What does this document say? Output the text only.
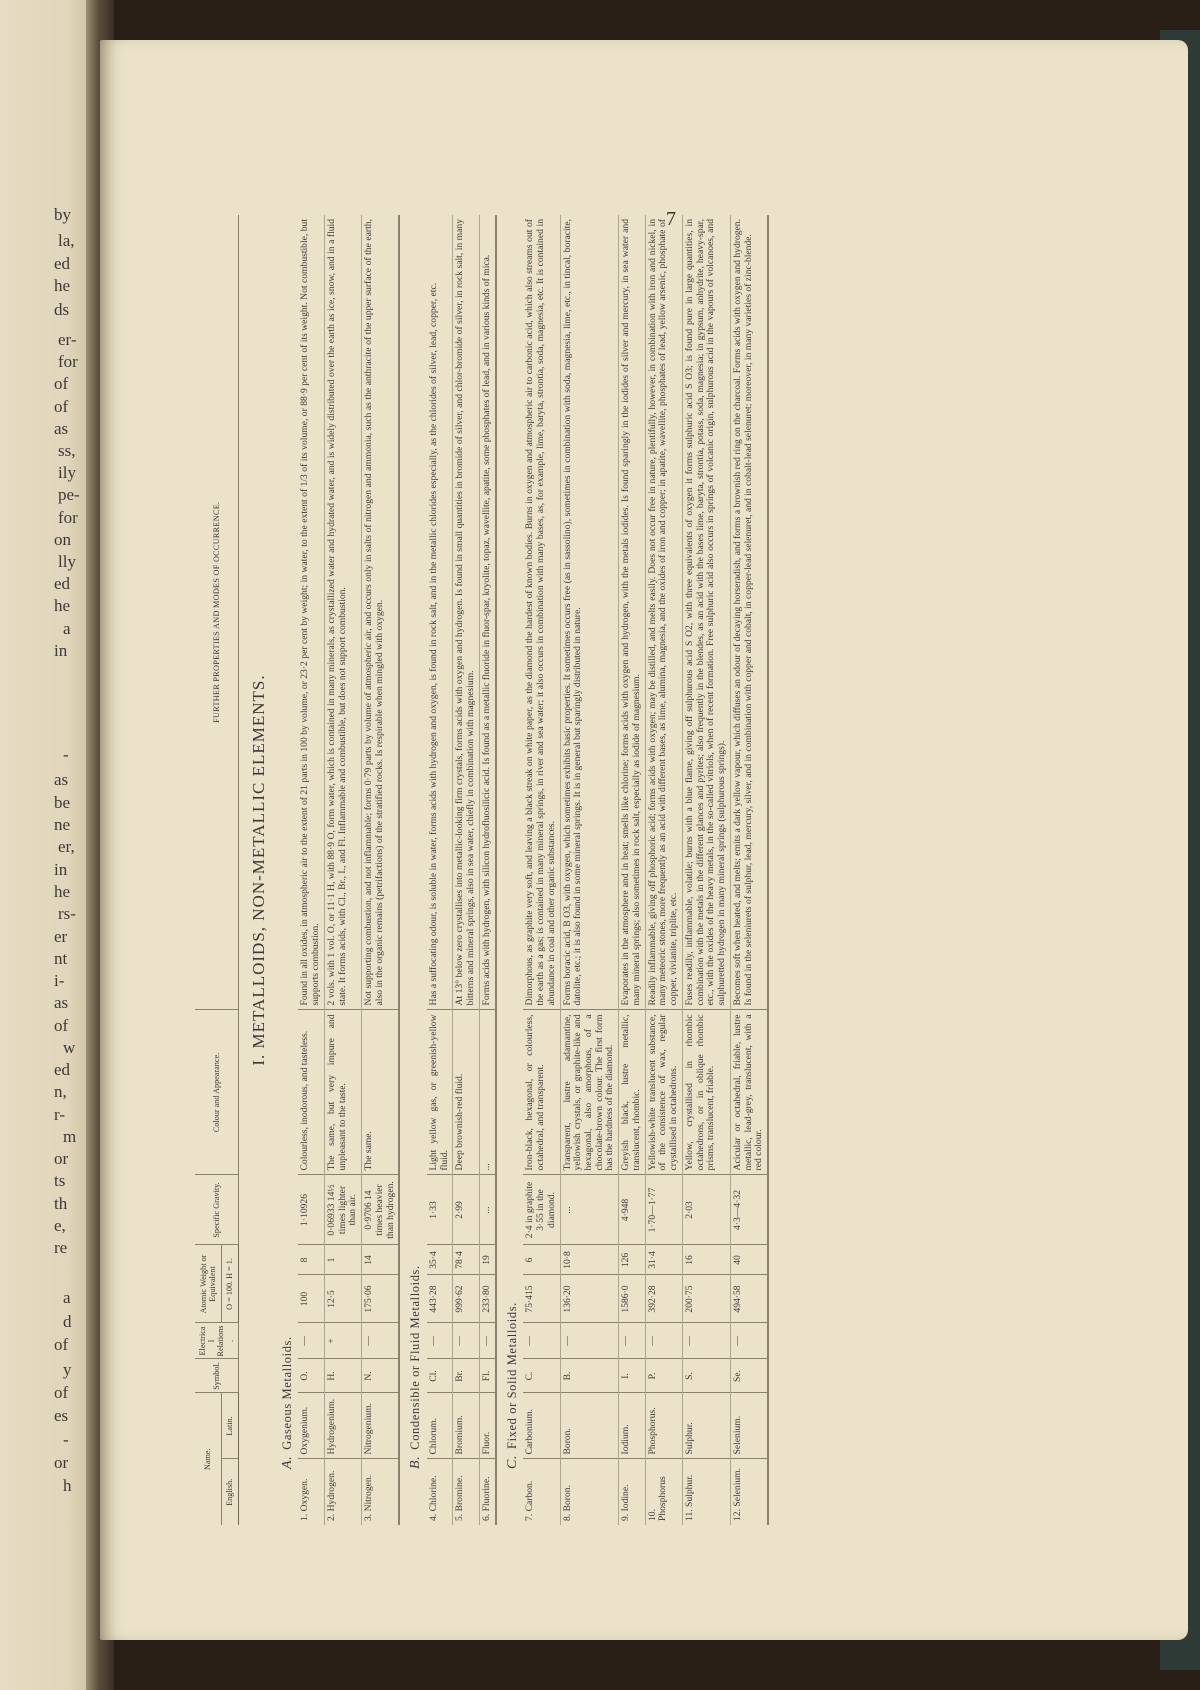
by
la,
ed
he
ds
er-
for
of
of
as
ss,
ily
pe-
for
on
lly
ed
he
a
in
-
as
be
ne
er,
in
he
rs-
er
nt
i-
as
of
w
ed
n,
r-
m
or
ts
th
e,
re
a
d
of
y
of
es
-
or
h
7
Name.		Symbol.	Electrical Relations.	Atomic Weight or Equivalent		Specific Gravity.	Colour and Appearance.	FURTHER PROPERTIES AND MODES OF OCCURRENCE.
English.	Latin.			O = 100. H = 1.				
I. METALLOIDS, NON-METALLIC ELEMENTS.								
A.Gaseous Metalloids.								
1. Oxygen.	Oxygenium.	O.	—	100	8	1·10926	Colourless, inodorous, and tasteless.	Found in all oxides, in atmospheric air to the extent of 21 parts in 100 by volume, or 23·2 per cent by weight; in water, to the extent of 1/3 of its volume, or 88·9 per cent of its weight. Not combustible, but supports combustion.
2. Hydrogen.	Hydrogenium.	H.	+	12·5	1	0·06933 14½ times lighter than air.	The same, but very impure and unpleasant to the taste.	2 vols. with 1 vol. O, or 11·1 H, with 88·9 O, form water, which is contained in many minerals, as crystallized water and hydrated water, and is widely distributed over the earth as ice, snow, and in a fluid state. It forms acids, with Cl., Br., I., and Fl. Inflammable and combustible, but does not support combustion.
3. Nitrogen.	Nitrogenium.	N.	—	175·06	14	0·9706 14 times heavier than hydrogen.	The same.	Not supporting combustion, and not inflammable; forms 0·79 parts by volume of atmospheric air, and occurs only in salts of nitrogen and ammonia, such as the anthracite of the upper surface of the earth, also in the organic remains (petrifactions) of the stratified rocks. Is respirable when mingled with oxygen.
B.Condensible or Fluid Metalloids.								
4. Chlorine.	Chlorum.	Cl.	—	443·28	35·4	1·33	Light yellow gas, or greenish-yellow fluid.	Has a suffocating odour, is soluble in water, forms acids with hydrogen and oxygen, is found in rock salt, and in the metallic chlorides especially, as the chlorides of silver, lead, copper, etc.
5. Bromine.	Bromium.	Br.	—	999·62	78·4	2·99	Deep brownish-red fluid.	At 13° below zero crystallises into metallic-looking firm crystals, forms acids with oxygen and hydrogen. Is found in small quantities in bromide of silver, and chlor-bromide of silver, in rock salt, in many bitterns and mineral springs, also in sea water, chiefly in combination with magnesium.
6. Fluorine.	Fluor.	Fl.	—	233·80	19	...	...	Forms acids with hydrogen, with silicon hydrofluosilicic acid. Is found as a metallic fluoride in fluor-spar, kryolite, topaz, wavellite, apatite, some phosphates of lead, and in various kinds of mica.
C.Fixed or Solid Metalloids.								
7. Carbon.	Carbonium.	C.	—	75·415	6	2·4 in graphite 3·55 in the diamond.	Iron-black, hexagonal, or colourless, octahedral, and transparent.	Dimorphous, as graphite very soft, and leaving a black streak on white paper, as the diamond the hardest of known bodies. Burns in oxygen and atmospheric air to carbonic acid, which also streams out of the earth as a gas; is contained in many mineral springs, in river and sea water; it also occurs in combination with many bases, as, for example, lime, baryta, strontia, soda, magnesia, etc. It is contained in abundance in coal and other organic substances.
8. Boron.	Boron.	B.	—	136·20	10·8	...	Transparent, lustre adamantine, yellowish crystals, or graphite-like and hexagonal, also amorphous, of a chocolate-brown colour. The first form has the hardness of the diamond.	Forms boracic acid, B O3, with oxygen, which sometimes exhibits basic properties. It sometimes occurs free (as in sassolino), sometimes in combination with soda, magnesia, lime, etc., in tincal, boracite, datolite, etc.; it is also found in some mineral springs. It is in general but sparingly distributed in nature.
9. Iodine.	Iodium.	I.	—	1586·0	126	4·948	Greyish black, lustre metallic, translucent, rhombic.	Evaporates in the atmosphere and in heat; smells like chlorine; forms acids with oxygen and hydrogen, with the metals iodides. Is found sparingly in the iodides of silver and mercury, in sea water and many mineral springs; also sometimes in rock salt, especially as iodide of magnesium.
10. Phosphorus	Phosphorus.	P.	—	392·28	31·4	1·70—1·77	Yellowish-white translucent substance, of the consistence of wax, regular crystallised in octahedrons.	Readily inflammable, giving off phosphoric acid; forms acids with oxygen; may be distilled, and melts easily. Does not occur free in nature, plentifully, however, in combination with iron and nickel, in many meteoric stones, more frequently as an acid with different bases, as lime, alumina, magnesia, and the oxides of iron and copper; in apatite, wavellite, phosphates of lead, yellow arsenic, phosphate of copper, vivianite, triplite, etc.
11. Sulphur.	Sulphur.	S.	—	200·75	16	2·03	Yellow, crystallised in rhombic octahedrons, or in oblique rhombic prisms, translucent, friable.	Fuses readily, inflammable, volatile; burns with a blue flame, giving off sulphurous acid S O2, with three equivalents of oxygen it forms sulphuric acid S O3; is found pure in large quantities, in combination with the metals in the different glances and pyrites; also frequently in the blendes, as an acid with the bases lime, baryta, strontia, potass, soda, magnesia; in gypsum, anhydrite, heavy-spar, etc., with the oxides of the heavy metals, in the so-called vitriols, when of recent formation. Free sulphuric acid also occurs in springs of volcanic origin, sulphurous acid in the vapours of volcanoes, and sulphuretted hydrogen in many mineral springs (sulphurous springs).
12. Selenium.	Selenium.	Se.	—	494·58	40	4·3—4·32	Acicular or octahedral, friable, lustre metallic, lead-grey, translucent, with a red colour.	Becomes soft when heated, and melts; emits a dark yellow vapour, which diffuses an odour of decaying horseradish, and forms a brownish red ring on the charcoal. Forms acids with oxygen and hydrogen. Is found in the seleniurets of sulphur, lead, mercury, silver, and in combination with copper and cobalt, in copper-lead selenuret, and in cobalt-lead selenuret; moreover, in many varieties of zinc-blende.
